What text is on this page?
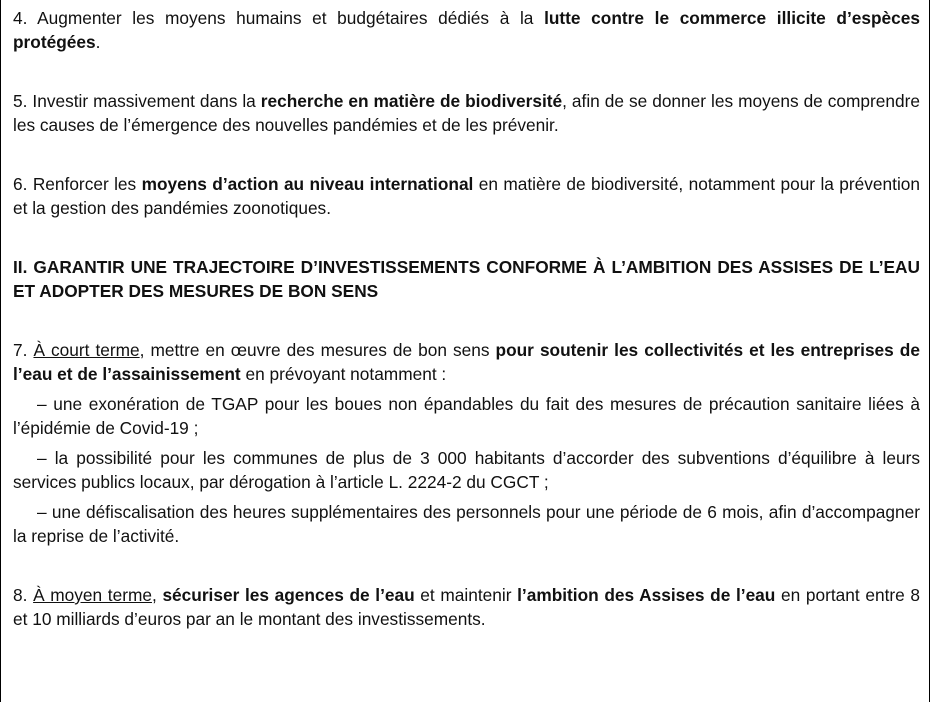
4. Augmenter les moyens humains et budgétaires dédiés à la lutte contre le commerce illicite d’espèces protégées.

5. Investir massivement dans la recherche en matière de biodiversité, afin de se donner les moyens de comprendre les causes de l’émergence des nouvelles pandémies et de les prévenir.

6. Renforcer les moyens d’action au niveau international en matière de biodiversité, notamment pour la prévention et la gestion des pandémies zoonotiques.

II. GARANTIR UNE TRAJECTOIRE D’INVESTISSEMENTS CONFORME À L’AMBITION DES ASSISES DE L’EAU ET ADOPTER DES MESURES DE BON SENS

7. À court terme, mettre en œuvre des mesures de bon sens pour soutenir les collectivités et les entreprises de l’eau et de l’assainissement en prévoyant notamment :

– une exonération de TGAP pour les boues non épandables du fait des mesures de précaution sanitaire liées à l’épidémie de Covid-19 ;

– la possibilité pour les communes de plus de 3 000 habitants d’accorder des subventions d’équilibre à leurs services publics locaux, par dérogation à l’article L. 2224-2 du CGCT ;

– une défiscalisation des heures supplémentaires des personnels pour une période de 6 mois, afin d’accompagner la reprise de l’activité.

8. À moyen terme, sécuriser les agences de l’eau et maintenir l’ambition des Assises de l’eau en portant entre 8 et 10 milliards d’euros par an le montant des investissements.
